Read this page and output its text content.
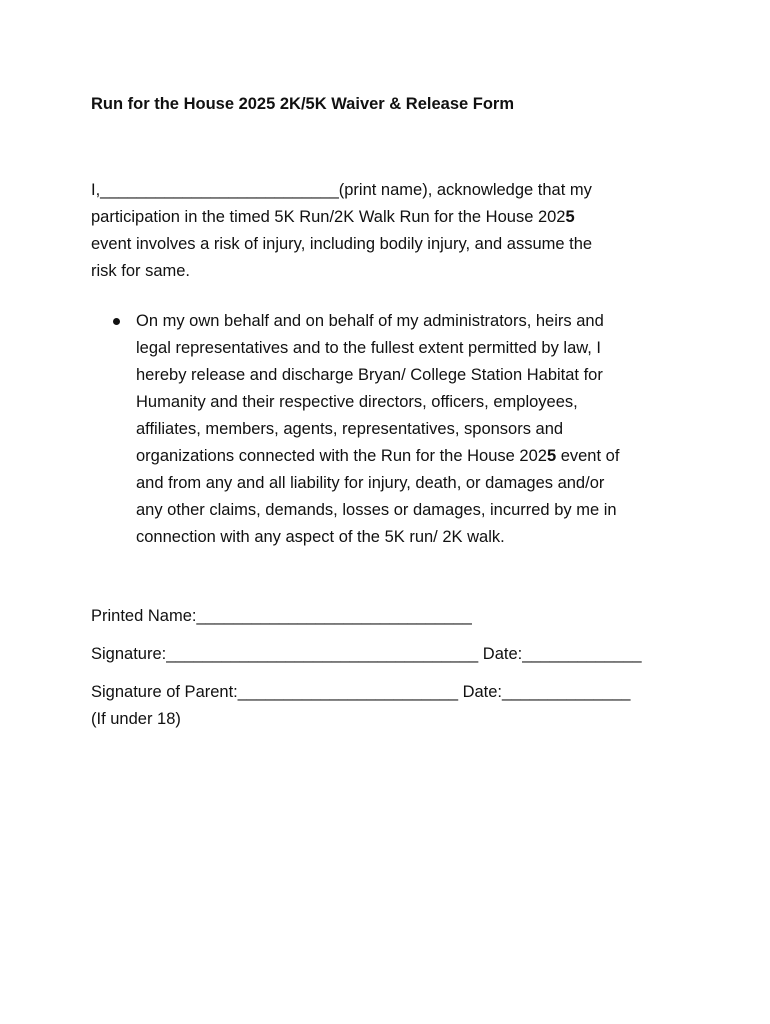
Run for the House 2025 2K/5K Waiver & Release Form
I,__________________________(print name), acknowledge that my
participation in the timed 5K Run/2K Walk Run for the House 2025
event involves a risk of injury, including bodily injury, and assume the
risk for same.
On my own behalf and on behalf of my administrators, heirs and
legal representatives and to the fullest extent permitted by law, I
hereby release and discharge Bryan/ College Station Habitat for
Humanity and their respective directors, officers, employees,
affiliates, members, agents, representatives, sponsors and
organizations connected with the Run for the House 2025 event of
and from any and all liability for injury, death, or damages and/or
any other claims, demands, losses or damages, incurred by me in
connection with any aspect of the 5K run/ 2K walk.
Printed Name:______________________________
Signature:__________________________________ Date:_____________
Signature of Parent:________________________ Date:______________
(If under 18)
